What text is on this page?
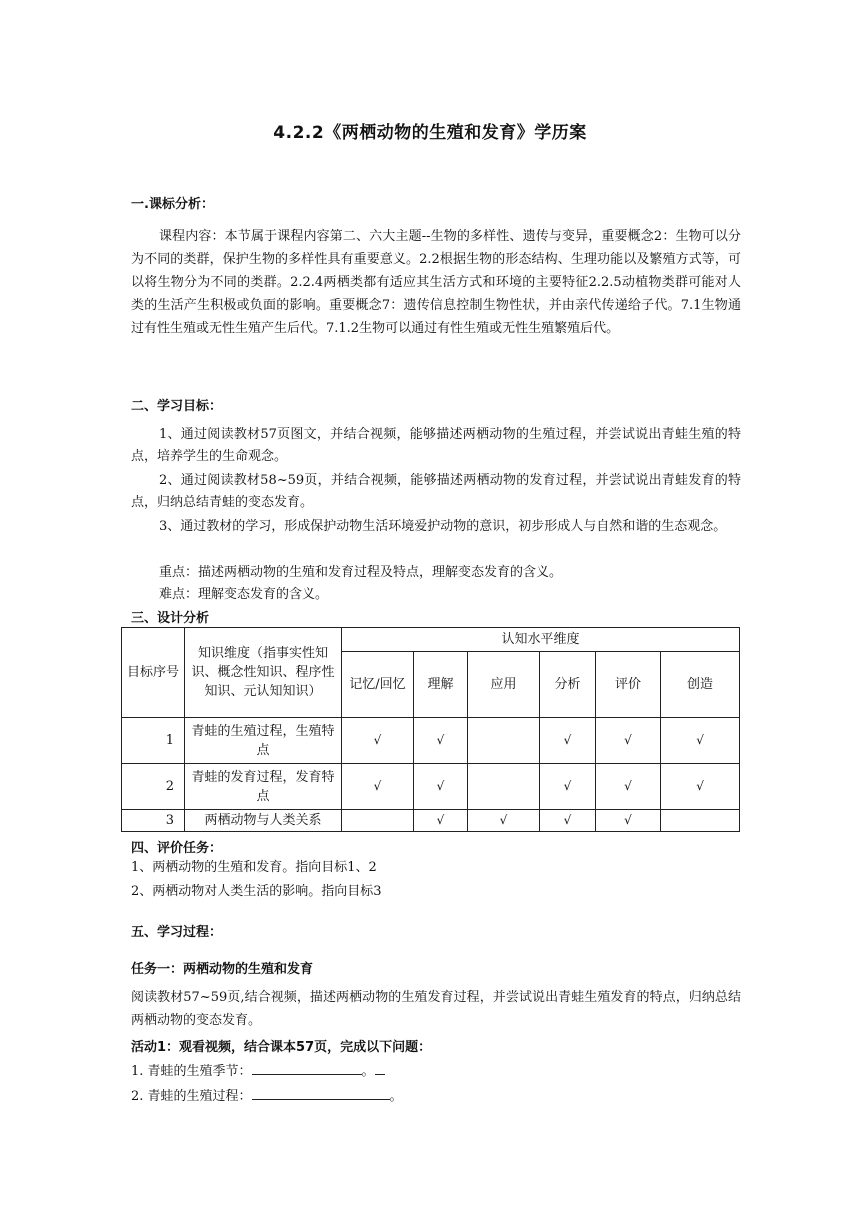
4.2.2《两栖动物的生殖和发育》学历案
一.课标分析：
课程内容：本节属于课程内容第二、六大主题--生物的多样性、遗传与变异，重要概念2：生物可以分为不同的类群，保护生物的多样性具有重要意义。2.2根据生物的形态结构、生理功能以及繁殖方式等，可以将生物分为不同的类群。2.2.4两栖类都有适应其生活方式和环境的主要特征2.2.5动植物类群可能对人类的生活产生积极或负面的影响。重要概念7：遗传信息控制生物性状，并由亲代传递给子代。7.1生物通过有性生殖或无性生殖产生后代。7.1.2生物可以通过有性生殖或无性生殖繁殖后代。
二、学习目标：
1、通过阅读教材57页图文，并结合视频，能够描述两栖动物的生殖过程，并尝试说出青蛙生殖的特点，培养学生的生命观念。
2、通过阅读教材58~59页，并结合视频，能够描述两栖动物的发育过程，并尝试说出青蛙发育的特点，归纳总结青蛙的变态发育。
3、通过教材的学习，形成保护动物生活环境爱护动物的意识，初步形成人与自然和谐的生态观念。
重点：描述两栖动物的生殖和发育过程及特点，理解变态发育的含义。
难点：理解变态发育的含义。
三、设计分析
目标序号	知识维度（指事实性知识、概念性知识、程序性知识、元认知知识）	认知水平维度					
		记忆/回忆	理解	应用	分析	评价	创造
1	青蛙的生殖过程，生殖特点	√	√		√	√	√
2	青蛙的发育过程，发育特点	√	√		√	√	√
3	两栖动物与人类关系		√	√	√	√	
四、评价任务：
1、两栖动物的生殖和发育。指向目标1、2
2、两栖动物对人类生活的影响。指向目标3
五、学习过程：
任务一：两栖动物的生殖和发育
阅读教材57~59页,结合视频，描述两栖动物的生殖发育过程，并尝试说出青蛙生殖发育的特点，归纳总结两栖动物的变态发育。
活动1：观看视频，结合课本57页，完成以下问题：
1. 青蛙的生殖季节：	。
2. 青蛙的生殖过程：	。
